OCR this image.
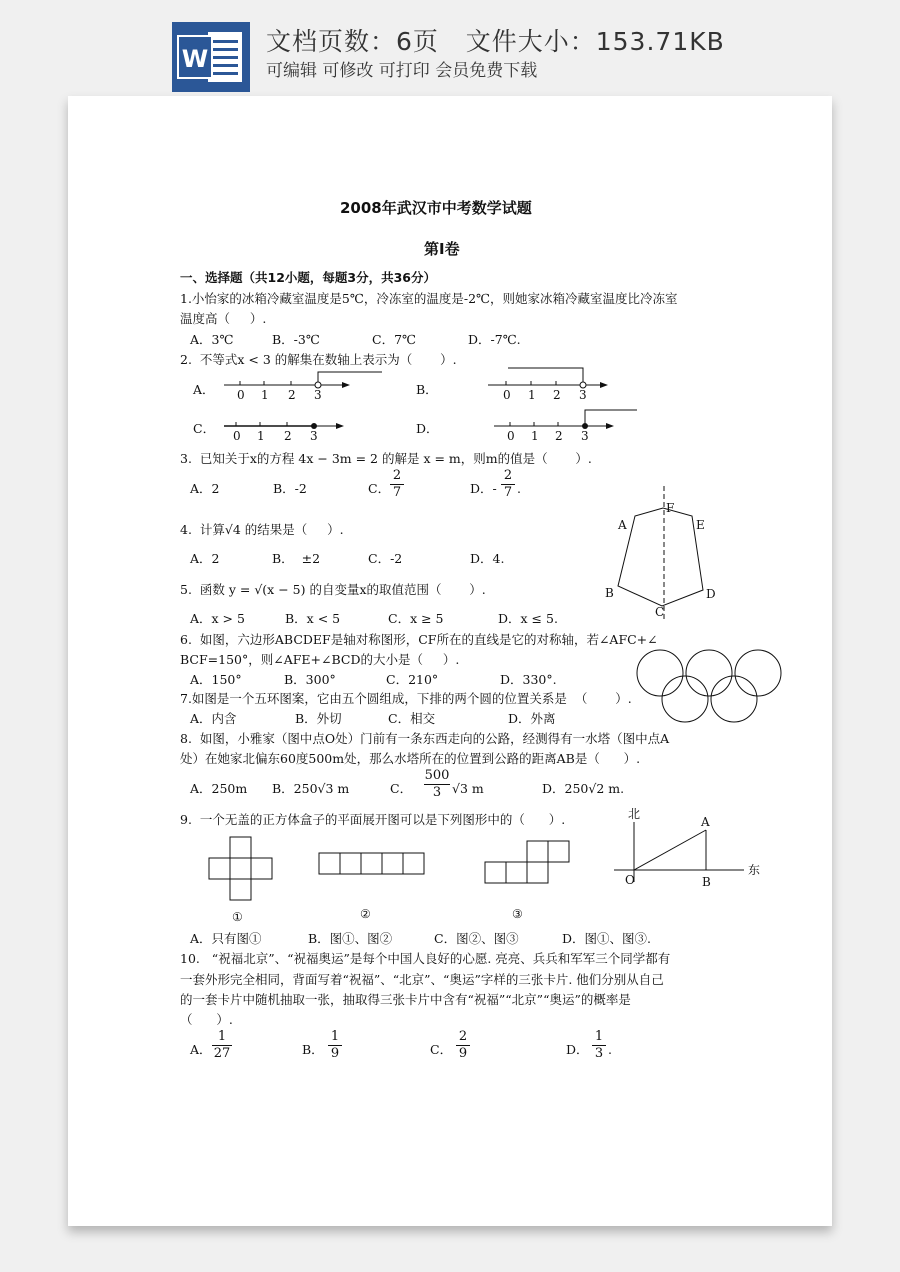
W
文档页数：6页   文件大小：153.71KB
可编辑 可修改 可打印 会员免费下载
2008年武汉市中考数学试题
第Ⅰ卷
一、选择题（共12小题，每题3分，共36分）
1.小怡家的冰箱冷藏室温度是5℃，冷冻室的温度是-2℃，则她家冰箱冷藏室温度比冷冻室
温度高（     ）.
A．3℃	B．-3℃	C．7℃	D．-7℃.
2.  不等式x < 3 的解集在数轴上表示为（       ）.
A．	B．
C．	D．
0 1 2 3	0 1 2 3
0 1 2 3	0 1 2 3
3.  已知关于x的方程 4x − 3m = 2 的解是 x = m，则m的值是（       ）.
A．2	B．-2	C． $\frac{2}{7}$	D．- $\frac{2}{7}$ .
4.  计算√4 的结果是（     ）.
A．2	B．  ±2	C．-2	D．4.
5.  函数 y = √(x − 5) 的自变量x的取值范围（       ）.
A．x > 5	B．x < 5	C．x ≥ 5	D．x ≤ 5.
A
F
E
B
C
D
6.  如图，六边形ABCDEF是轴对称图形，CF所在的直线是它的对称轴，若∠AFC+∠
BCF=150°，则∠AFE+∠BCD的大小是（     ）.
A．150°	B．300°	C．210°	D．330°.
7.如图是一个五环图案，它由五个圆组成，下排的两个圆的位置关系是  （       ）.
A．内含	B．外切	C．相交	D．外离
8.  如图，小雅家（图中点O处）门前有一条东西走向的公路，经测得有一水塔（图中点A
处）在她家北偏东60度500m处，那么水塔所在的位置到公路的距离AB是（      ）.
A．250m B．250√3 m	C． $\frac{500}{3} √3$ m	D．250√2 m.
9.  一个无盖的正方体盒子的平面展开图可以是下列图形中的（      ）.
①	②	③
北
东
O
A
B
A．只有图①	B．图①、图②	C．图②、图③	D．图①、图③.
10.   “祝福北京”、“祝福奥运”是每个中国人良好的心愿. 亮亮、兵兵和军军三个同学都有
一套外形完全相同，背面写着“祝福”、“北京”、“奥运”字样的三张卡片. 他们分别从自己
的一套卡片中随机抽取一张，抽取得三张卡片中含有“祝福”“北京”“奥运”的概率是
（      ）.
A． $\frac{1}{27}$	B． $\frac{1}{9}$	C． $\frac{2}{9}$	D． $\frac{1}{3}$ .
